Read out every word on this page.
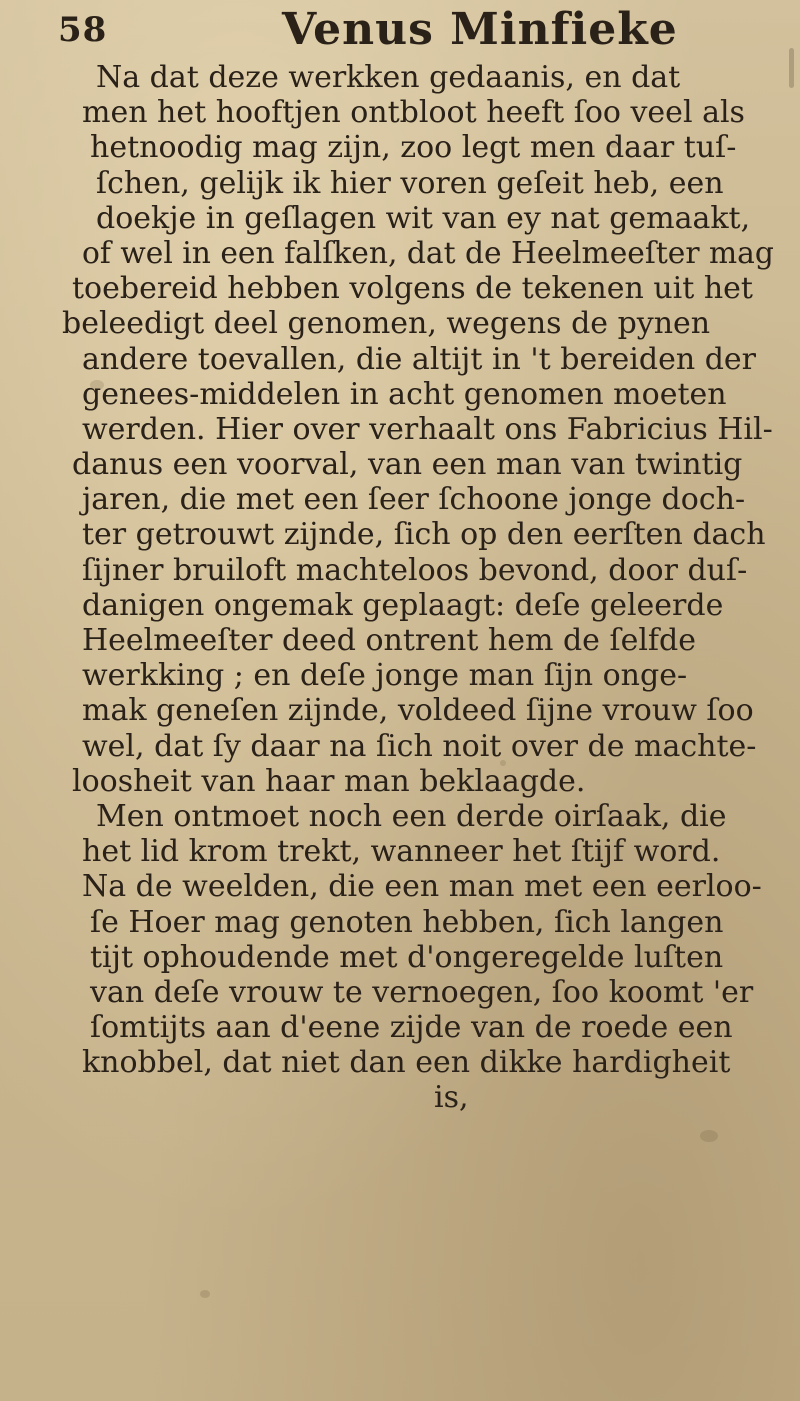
58	Venus Minfieke
Na dat deze werkken gedaanis, en dat
men het hooftjen ontbloot heeft ſoo veel als
hetnoodig mag zijn, zoo legt men daar tuſ-
ſchen, gelijk ik hier voren geſeit heb, een
doekje in geſlagen wit van ey nat gemaakt,
of wel in een falſken, dat de Heelmeeſter mag
toebereid hebben volgens de tekenen uit het
beleedigt deel genomen, wegens de pynen
andere toevallen, die altijt in 't bereiden der
genees-middelen in acht genomen moeten
werden. Hier over verhaalt ons Fabricius Hil-
danus een voorval, van een man van twintig
jaren, die met een ſeer ſchoone jonge doch-
ter getrouwt zijnde, ſich op den eerſten dach
ſijner bruiloft machteloos bevond, door duſ-
danigen ongemak geplaagt: deſe geleerde
Heelmeeſter deed ontrent hem de ſelfde
werkking ; en deſe jonge man ſijn onge-
mak geneſen zijnde, voldeed ſijne vrouw ſoo
wel, dat ſy daar na ſich noit over de machte-
loosheit van haar man beklaagde.
Men ontmoet noch een derde oirſaak, die
het lid krom trekt, wanneer het ſtijf word.
Na de weelden, die een man met een eerloo-
ſe Hoer mag genoten hebben, ſich langen
tijt ophoudende met d'ongeregelde luſten
van deſe vrouw te vernoegen, ſoo koomt 'er
ſomtijts aan d'eene zijde van de roede een
knobbel, dat niet dan een dikke hardigheit
is,
